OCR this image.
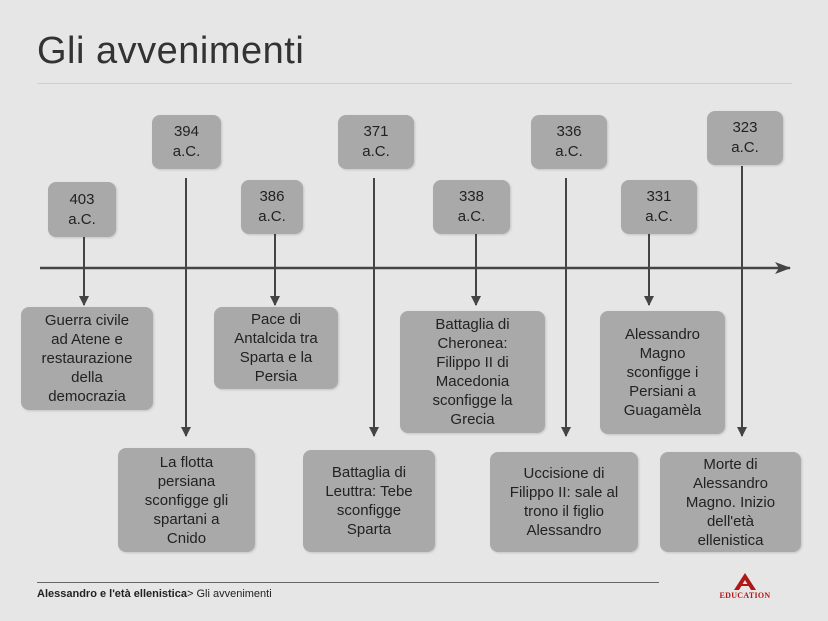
Gli avvenimenti
403
a.C.
394
a.C.
386
a.C.
371
a.C.
338
a.C.
336
a.C.
331
a.C.
323
a.C.
Guerra civile
ad Atene e
restaurazione
della
democrazia
La flotta
persiana
sconfigge gli
spartani a
Cnido
Pace di
Antalcida tra
Sparta e la
Persia
Battaglia di
Leuttra: Tebe
sconfigge
Sparta
Battaglia di
Cheronea:
Filippo II di
Macedonia
sconfigge la
Grecia
Uccisione di
Filippo II: sale al
trono il figlio
Alessandro
Alessandro
Magno
sconfigge i
Persiani a
Guagamèla
Morte di
Alessandro
Magno. Inizio
dell'età
ellenistica
Alessandro e l'età ellenistica> Gli avvenimenti	EDUCATION
